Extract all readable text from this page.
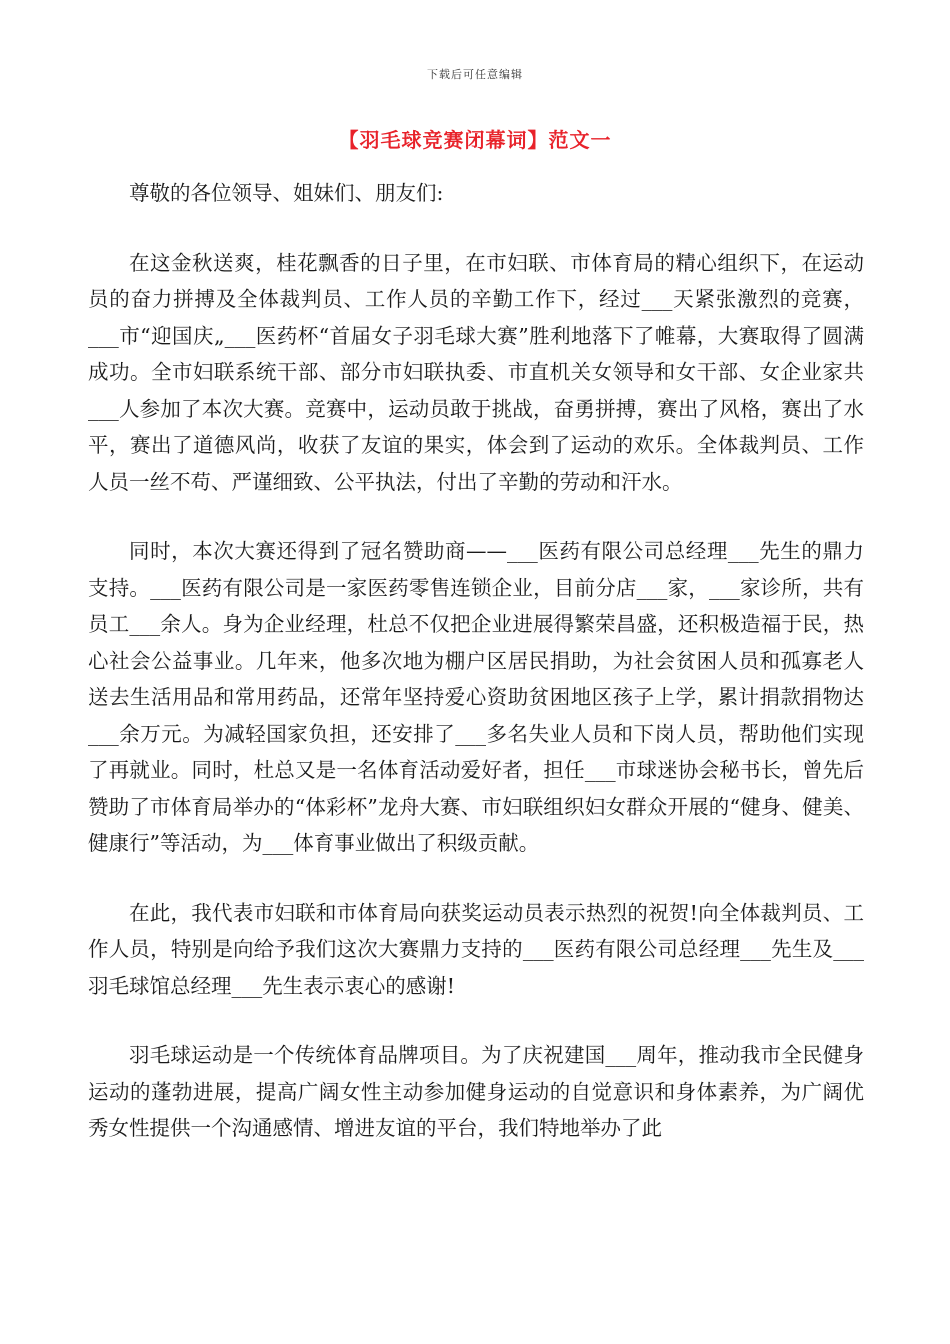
下载后可任意编辑
【羽毛球竞赛闭幕词】范文一

尊敬的各位领导、姐妹们、朋友们:

在这金秋送爽，桂花飘香的日子里，在市妇联、市体育局的精心组织下，在运动员的奋力拼搏及全体裁判员、工作人员的辛勤工作下，经过___天紧张激烈的竞赛，___市“迎国庆„___医药杯“首届女子羽毛球大赛”胜利地落下了帷幕，大赛取得了圆满成功。全市妇联系统干部、部分市妇联执委、市直机关女领导和女干部、女企业家共___人参加了本次大赛。竞赛中，运动员敢于挑战，奋勇拼搏，赛出了风格，赛出了水平，赛出了道德风尚，收获了友谊的果实，体会到了运动的欢乐。全体裁判员、工作人员一丝不苟、严谨细致、公平执法，付出了辛勤的劳动和汗水。

同时，本次大赛还得到了冠名赞助商——___医药有限公司总经理___先生的鼎力支持。___医药有限公司是一家医药零售连锁企业，目前分店___家，___家诊所，共有员工___余人。身为企业经理，杜总不仅把企业进展得繁荣昌盛，还积极造福于民，热心社会公益事业。几年来，他多次地为棚户区居民捐助，为社会贫困人员和孤寡老人送去生活用品和常用药品，还常年坚持爱心资助贫困地区孩子上学，累计捐款捐物达___余万元。为减轻国家负担，还安排了___多名失业人员和下岗人员，帮助他们实现了再就业。同时，杜总又是一名体育活动爱好者，担任___市球迷协会秘书长，曾先后赞助了市体育局举办的“体彩杯”龙舟大赛、市妇联组织妇女群众开展的“健身、健美、健康行”等活动，为___体育事业做出了积级贡献。

在此，我代表市妇联和市体育局向获奖运动员表示热烈的祝贺!向全体裁判员、工作人员，特别是向给予我们这次大赛鼎力支持的___医药有限公司总经理___先生及___羽毛球馆总经理___先生表示衷心的感谢!

羽毛球运动是一个传统体育品牌项目。为了庆祝建国___周年，推动我市全民健身运动的蓬勃进展，提高广阔女性主动参加健身运动的自觉意识和身体素养，为广阔优秀女性提供一个沟通感情、增进友谊的平台，我们特地举办了此
